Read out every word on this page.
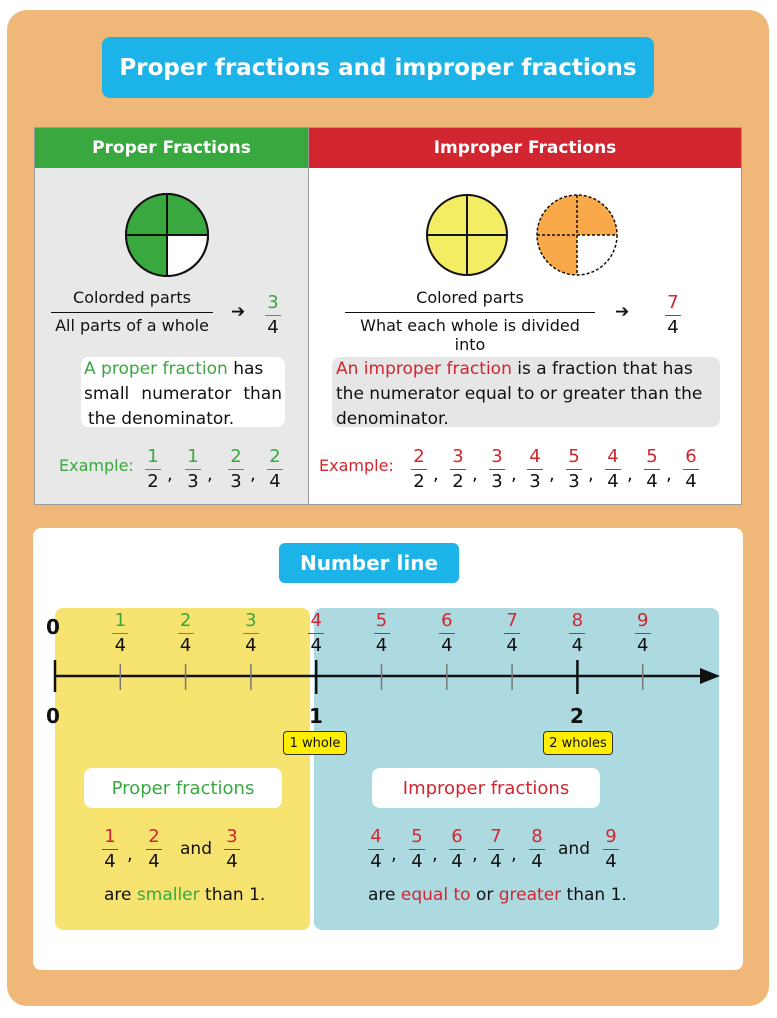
Proper fractions and improper fractions
Proper Fractions
Colorded parts
All parts of a whole
➔ $\frac{3}{4}$
A proper fraction has
small numerator than
the denominator.
Example: $\frac{1}{2}$ , $\frac{1}{3}$ , $\frac{2}{3}$ , $\frac{2}{4}$
Improper Fractions
Colored parts
What each whole is divided into
➔ $\frac{7}{4}$
An improper fraction is a fraction that has
the numerator equal to or greater than the
denominator.
Example: $\frac{2}{2}$ , $\frac{3}{2}$ , $\frac{3}{3}$ , $\frac{4}{3}$ , $\frac{5}{3}$ , $\frac{4}{4}$ , $\frac{5}{4}$ , $\frac{6}{4}$
Number line
0
0
$\frac{1}{4}$	$\frac{2}{4}$	$\frac{3}{4}$	$\frac{4}{4}$	$\frac{5}{4}$	$\frac{6}{4}$	$\frac{7}{4}$	$\frac{8}{4}$	$\frac{9}{4}$
1	2
1 whole	2 wholes
Proper fractions	Improper fractions
$\frac{1}{4}$ , $\frac{2}{4}$	$\frac{3}{4}$	$\frac{4}{4}$ , $\frac{5}{4}$ , $\frac{6}{4}$ , $\frac{7}{4}$ , $\frac{8}{4}$	$\frac{9}{4}$
and	and
are smaller than 1.	are equal to or greater than 1.
